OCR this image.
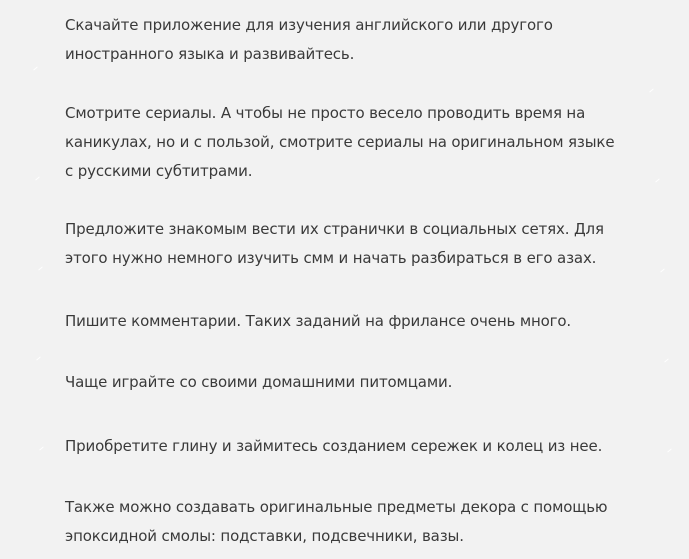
Скачайте приложение для изучения английского или другого
иностранного языка и развивайтесь.

Смотрите сериалы. А чтобы не просто весело проводить время на
каникулах, но и с пользой, смотрите сериалы на оригинальном языке
с русскими субтитрами.

Предложите знакомым вести их странички в социальных сетях. Для
этого нужно немного изучить смм и начать разбираться в его азах.

Пишите комментарии. Таких заданий на фрилансе очень много.

Чаще играйте со своими домашними питомцами.

Приобретите глину и займитесь созданием сережек и колец из нее.

Также можно создавать оригинальные предметы декора с помощью
эпоксидной смолы: подставки, подсвечники, вазы.
